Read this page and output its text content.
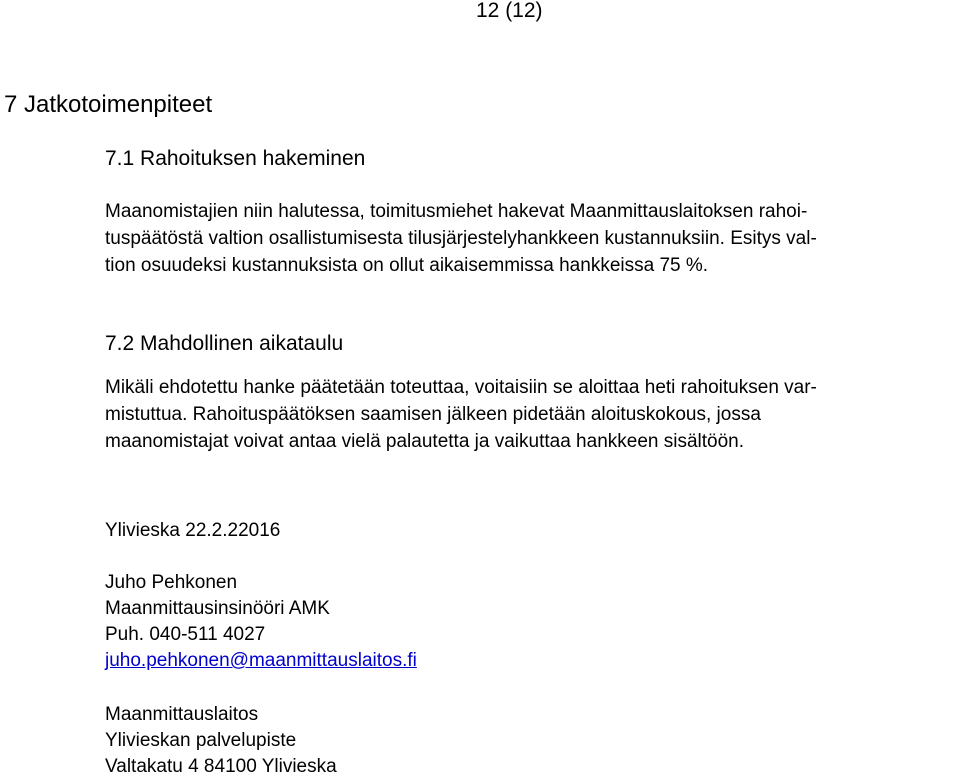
12 (12)
7 Jatkotoimenpiteet
7.1 Rahoituksen hakeminen
Maanomistajien niin halutessa, toimitusmiehet hakevat Maanmittauslaitoksen rahoi-
tuspäätöstä valtion osallistumisesta tilusjärjestelyhankkeen kustannuksiin. Esitys val-
tion osuudeksi kustannuksista on ollut aikaisemmissa hankkeissa 75 %.
7.2 Mahdollinen aikataulu
Mikäli ehdotettu hanke päätetään toteuttaa, voitaisiin se aloittaa heti rahoituksen var-
mistuttua. Rahoituspäätöksen saamisen jälkeen pidetään aloituskokous, jossa
maanomistajat voivat antaa vielä palautetta ja vaikuttaa hankkeen sisältöön.
Ylivieska 22.2.22016
Juho Pehkonen
Maanmittausinsinööri AMK
Puh. 040-511 4027
juho.pehkonen@maanmittauslaitos.fi
Maanmittauslaitos
Ylivieskan palvelupiste
Valtakatu 4 84100 Ylivieska
